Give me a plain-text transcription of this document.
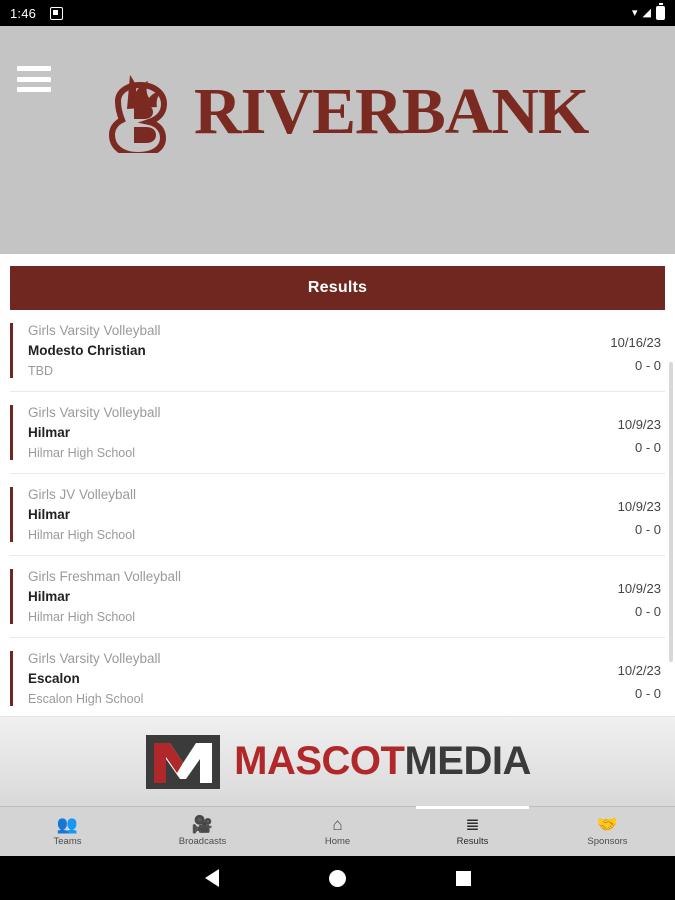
1:46	▾ ◢
RIVERBANK
Results
Girls Varsity Volleyball
Modesto Christian
TBD
10/16/23
0 - 0
Girls Varsity Volleyball
Hilmar
Hilmar High School
10/9/23
0 - 0
Girls JV Volleyball
Hilmar
Hilmar High School
10/9/23
0 - 0
Girls Freshman Volleyball
Hilmar
Hilmar High School
10/9/23
0 - 0
Girls Varsity Volleyball
Escalon
Escalon High School
10/2/23
0 - 0
MASCOTMEDIA
👥
Teams
🎥
Broadcasts
⌂
Home
≣
Results
🤝
Sponsors
